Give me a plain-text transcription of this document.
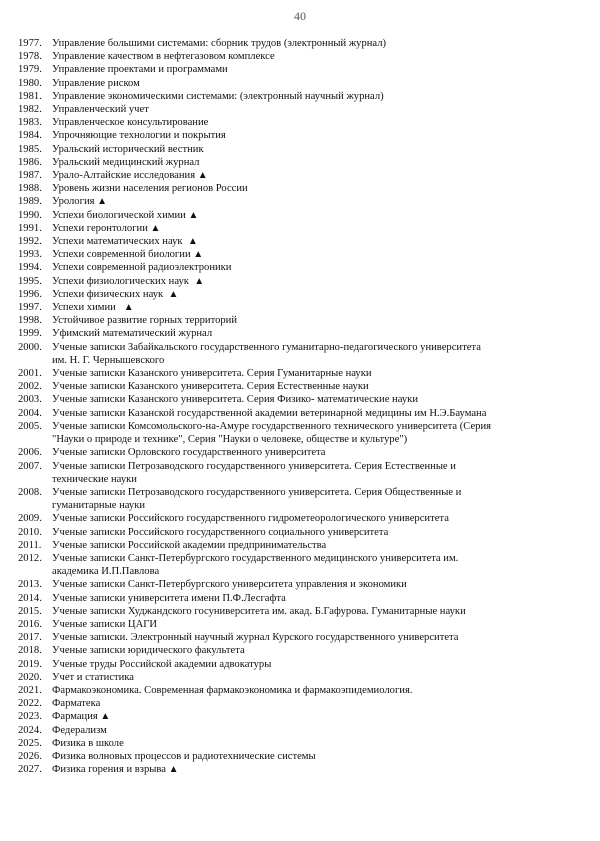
40
1977. Управление большими системами: сборник трудов (электронный журнал)
1978. Управление качеством в нефтегазовом комплексе
1979. Управление проектами и программами
1980. Управление риском
1981. Управление экономическими системами: (электронный научный журнал)
1982. Управленческий учет
1983. Управленческое консультирование
1984. Упрочняющие технологии и покрытия
1985. Уральский исторический вестник
1986. Уральский медицинский журнал
1987. Урало-Алтайские исследования ▲
1988. Уровень жизни населения регионов России
1989. Урология ▲
1990. Успехи биологической химии ▲
1991. Успехи геронтологии ▲
1992. Успехи математических наук  ▲
1993. Успехи современной биологии ▲
1994. Успехи современной радиоэлектроники
1995. Успехи физиологических наук  ▲
1996. Успехи физических наук  ▲
1997. Успехи химии   ▲
1998. Устойчивое развитие горных территорий
1999. Уфимский математический журнал
2000. Ученые записки Забайкальского государственного гуманитарно-педагогического университета
им. Н. Г. Чернышевского
2001. Ученые записки Казанского университета. Серия Гуманитарные науки
2002. Ученые записки Казанского университета. Серия Естественные науки
2003. Ученые записки Казанского университета. Серия Физико- математические науки
2004. Ученые записки Казанской государственной академии ветеринарной медицины им Н.Э.Баумана
2005. Ученые записки Комсомольского-на-Амуре государственного технического университета (Серия
"Науки о природе и технике", Серия "Науки о человеке, обществе и культуре")
2006. Ученые записки Орловского государственного университета
2007. Ученые записки Петрозаводского государственного университета. Серия Естественные и
технические науки
2008. Ученые записки Петрозаводского государственного университета. Серия Общественные и
гуманитарные науки
2009. Ученые записки Российского государственного гидрометеорологического университета
2010. Ученые записки Российского государственного социального университета
2011. Ученые записки Российской академии предпринимательства
2012. Ученые записки Санкт-Петербургского государственного медицинского университета им.
академика И.П.Павлова
2013. Ученые записки Санкт-Петербургского университета управления и экономики
2014. Ученые записки университета имени П.Ф.Лесгафта
2015. Ученые записки Худжандского госуниверситета им. акад. Б.Гафурова. Гуманитарные науки
2016. Ученые записки ЦАГИ
2017. Ученые записки. Электронный научный журнал Курского государственного университета
2018. Ученые записки юридического факультета
2019. Ученые труды Российской академии адвокатуры
2020. Учет и статистика
2021. Фармакоэкономика. Современная фармакоэкономика и фармакоэпидемиология.
2022. Фарматека
2023. Фармация ▲
2024. Федерализм
2025. Физика в школе
2026. Физика волновых процессов и радиотехнические системы
2027. Физика горения и взрыва ▲
